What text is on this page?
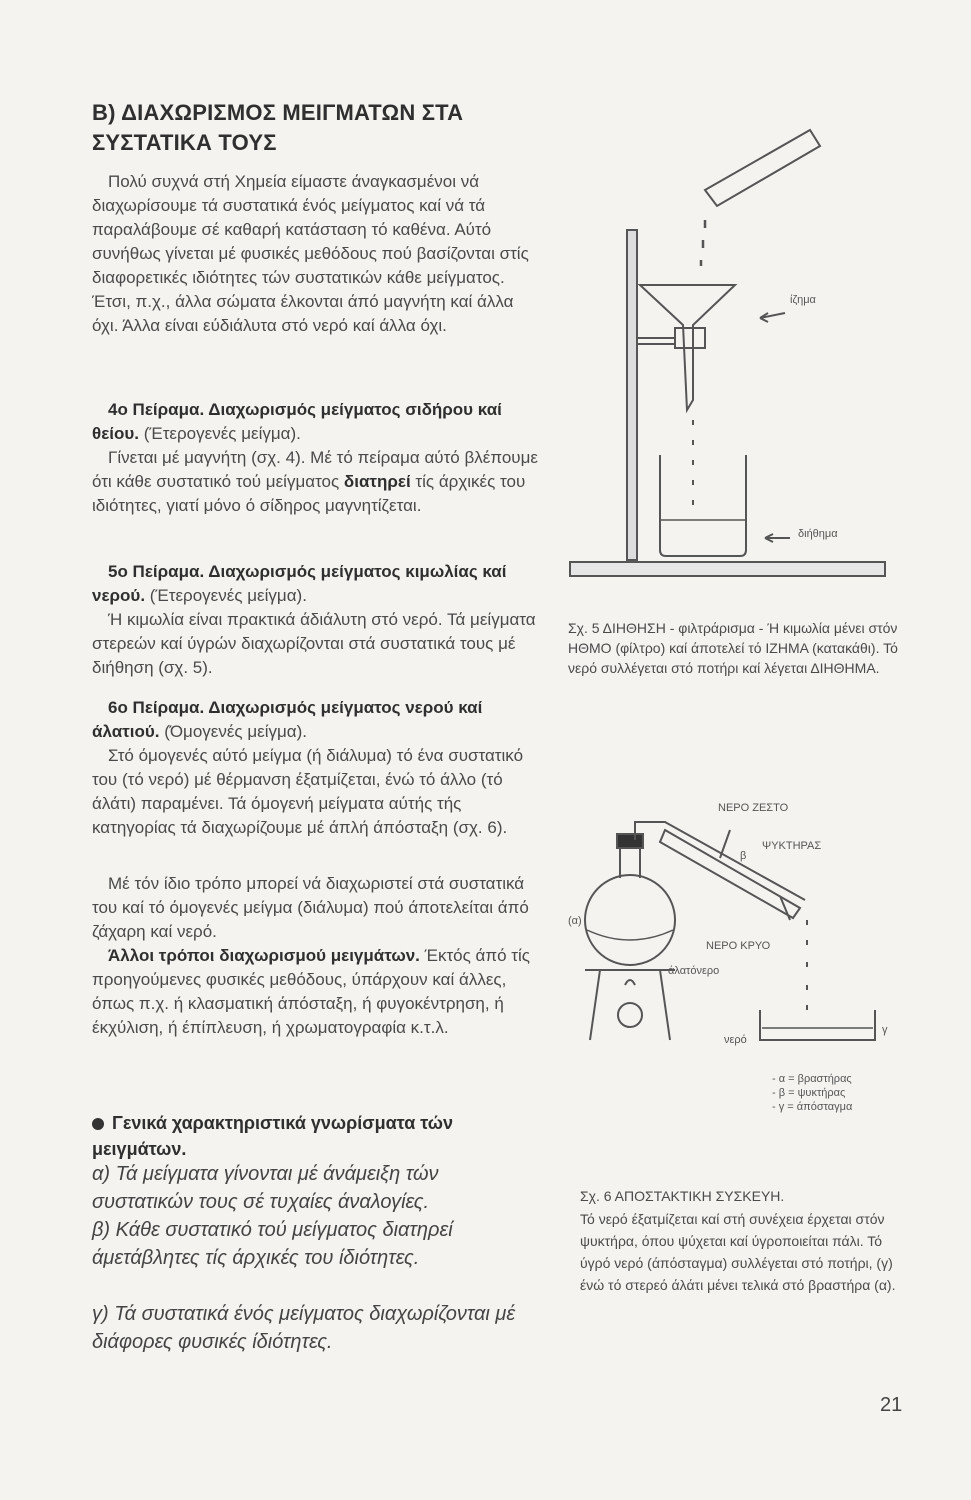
Β) ΔΙΑΧΩΡΙΣΜΟΣ ΜΕΙΓΜΑΤΩΝ ΣΤΑ ΣΥΣΤΑΤΙΚΑ ΤΟΥΣ
Πολύ συχνά στή Χημεία είμαστε άναγκασμένοι νά διαχωρίσουμε τά συστατικά ένός μείγματος καί νά τά παραλάβουμε σέ καθαρή κατάσταση τό καθένα. Αύτό συνήθως γίνεται μέ φυσικές μεθόδους πού βασίζονται στίς διαφορετικές ιδιότητες τών συστατικών κάθε μείγματος. Έτσι, π.χ., άλλα σώματα έλκονται άπό μαγνήτη καί άλλα όχι. Άλλα είναι εύδιάλυτα στό νερό καί άλλα όχι.
4ο Πείραμα. Διαχωρισμός μείγματος σιδήρου καί θείου. (Έτερογενές μείγμα).
Γίνεται μέ μαγνήτη (σχ. 4). Μέ τό πείραμα αύτό βλέπουμε ότι κάθε συστατικό τού μείγματος διατηρεί τίς άρχικές του ιδιότητες, γιατί μόνο ό σίδηρος μαγνητίζεται.
5ο Πείραμα. Διαχωρισμός μείγματος κιμωλίας καί νερού. (Έτερογενές μείγμα).
Ή κιμωλία είναι πρακτικά άδιάλυτη στό νερό. Τά μείγματα στερεών καί ύγρών διαχωρίζονται στά συστατικά τους μέ διήθηση (σχ. 5).
6ο Πείραμα. Διαχωρισμός μείγματος νερού καί άλατιού. (Όμογενές μείγμα).
Στό όμογενές αύτό μείγμα (ή διάλυμα) τό ένα συστατικό του (τό νερό) μέ θέρμανση έξατμίζεται, ένώ τό άλλο (τό άλάτι) παραμένει. Τά όμογενή μείγματα αύτής τής κατηγορίας τά διαχωρίζουμε μέ άπλή άπόσταξη (σχ. 6).
Μέ τόν ίδιο τρόπο μπορεί νά διαχωριστεί στά συστατικά του καί τό όμογενές μείγμα (διάλυμα) πού άποτελείται άπό ζάχαρη καί νερό.
Άλλοι τρόποι διαχωρισμού μειγμάτων. Έκτός άπό τίς προηγούμενες φυσικές μεθόδους, ύπάρχουν καί άλλες, όπως π.χ. ή κλασματική άπόσταξη, ή φυγοκέντρηση, ή έκχύλιση, ή έπίπλευση, ή χρωματογραφία κ.τ.λ.
Γενικά χαρακτηριστικά γνωρίσματα τών μειγμάτων.
α) Τά μείγματα γίνονται μέ άνάμειξη τών συστατικών τους σέ τυχαίες άναλογίες.
β) Κάθε συστατικό τού μείγματος διατηρεί άμετάβλητες τίς άρχικές του ίδιότητες.
γ) Τά συστατικά ένός μείγματος διαχωρίζονται μέ διάφορες φυσικές ίδιότητες.
ίζημα
διήθημα
Σχ. 5 ΔΙΗΘΗΣΗ - φιλτράρισμα - Ή κιμωλία μένει στόν ΗΘΜΟ (φίλτρο) καί άποτελεί τό ΙΖΗΜΑ (κατακάθι). Τό νερό συλλέγεται στό ποτήρι καί λέγεται ΔΙΗΘΗΜΑ.
ΝΕΡΟ ΖΕΣΤΟ
ΨΥΚΤΗΡΑΣ
β
(α)
ΝΕΡΟ ΚΡΥΟ
άλατόνερο
νερό
γ
- α = βραστήρας
- β = ψυκτήρας
- γ = άπόσταγμα
Σχ. 6 ΑΠΟΣΤΑΚΤΙΚΗ ΣΥΣΚΕΥΗ.
Τό νερό έξατμίζεται καί στή συνέχεια έρχεται στόν ψυκτήρα, όπου ψύχεται καί ύγροποιείται πάλι. Τό ύγρό νερό (άπόσταγμα) συλλέγεται στό ποτήρι, (γ) ένώ τό στερεό άλάτι μένει τελικά στό βραστήρα (α).
21
